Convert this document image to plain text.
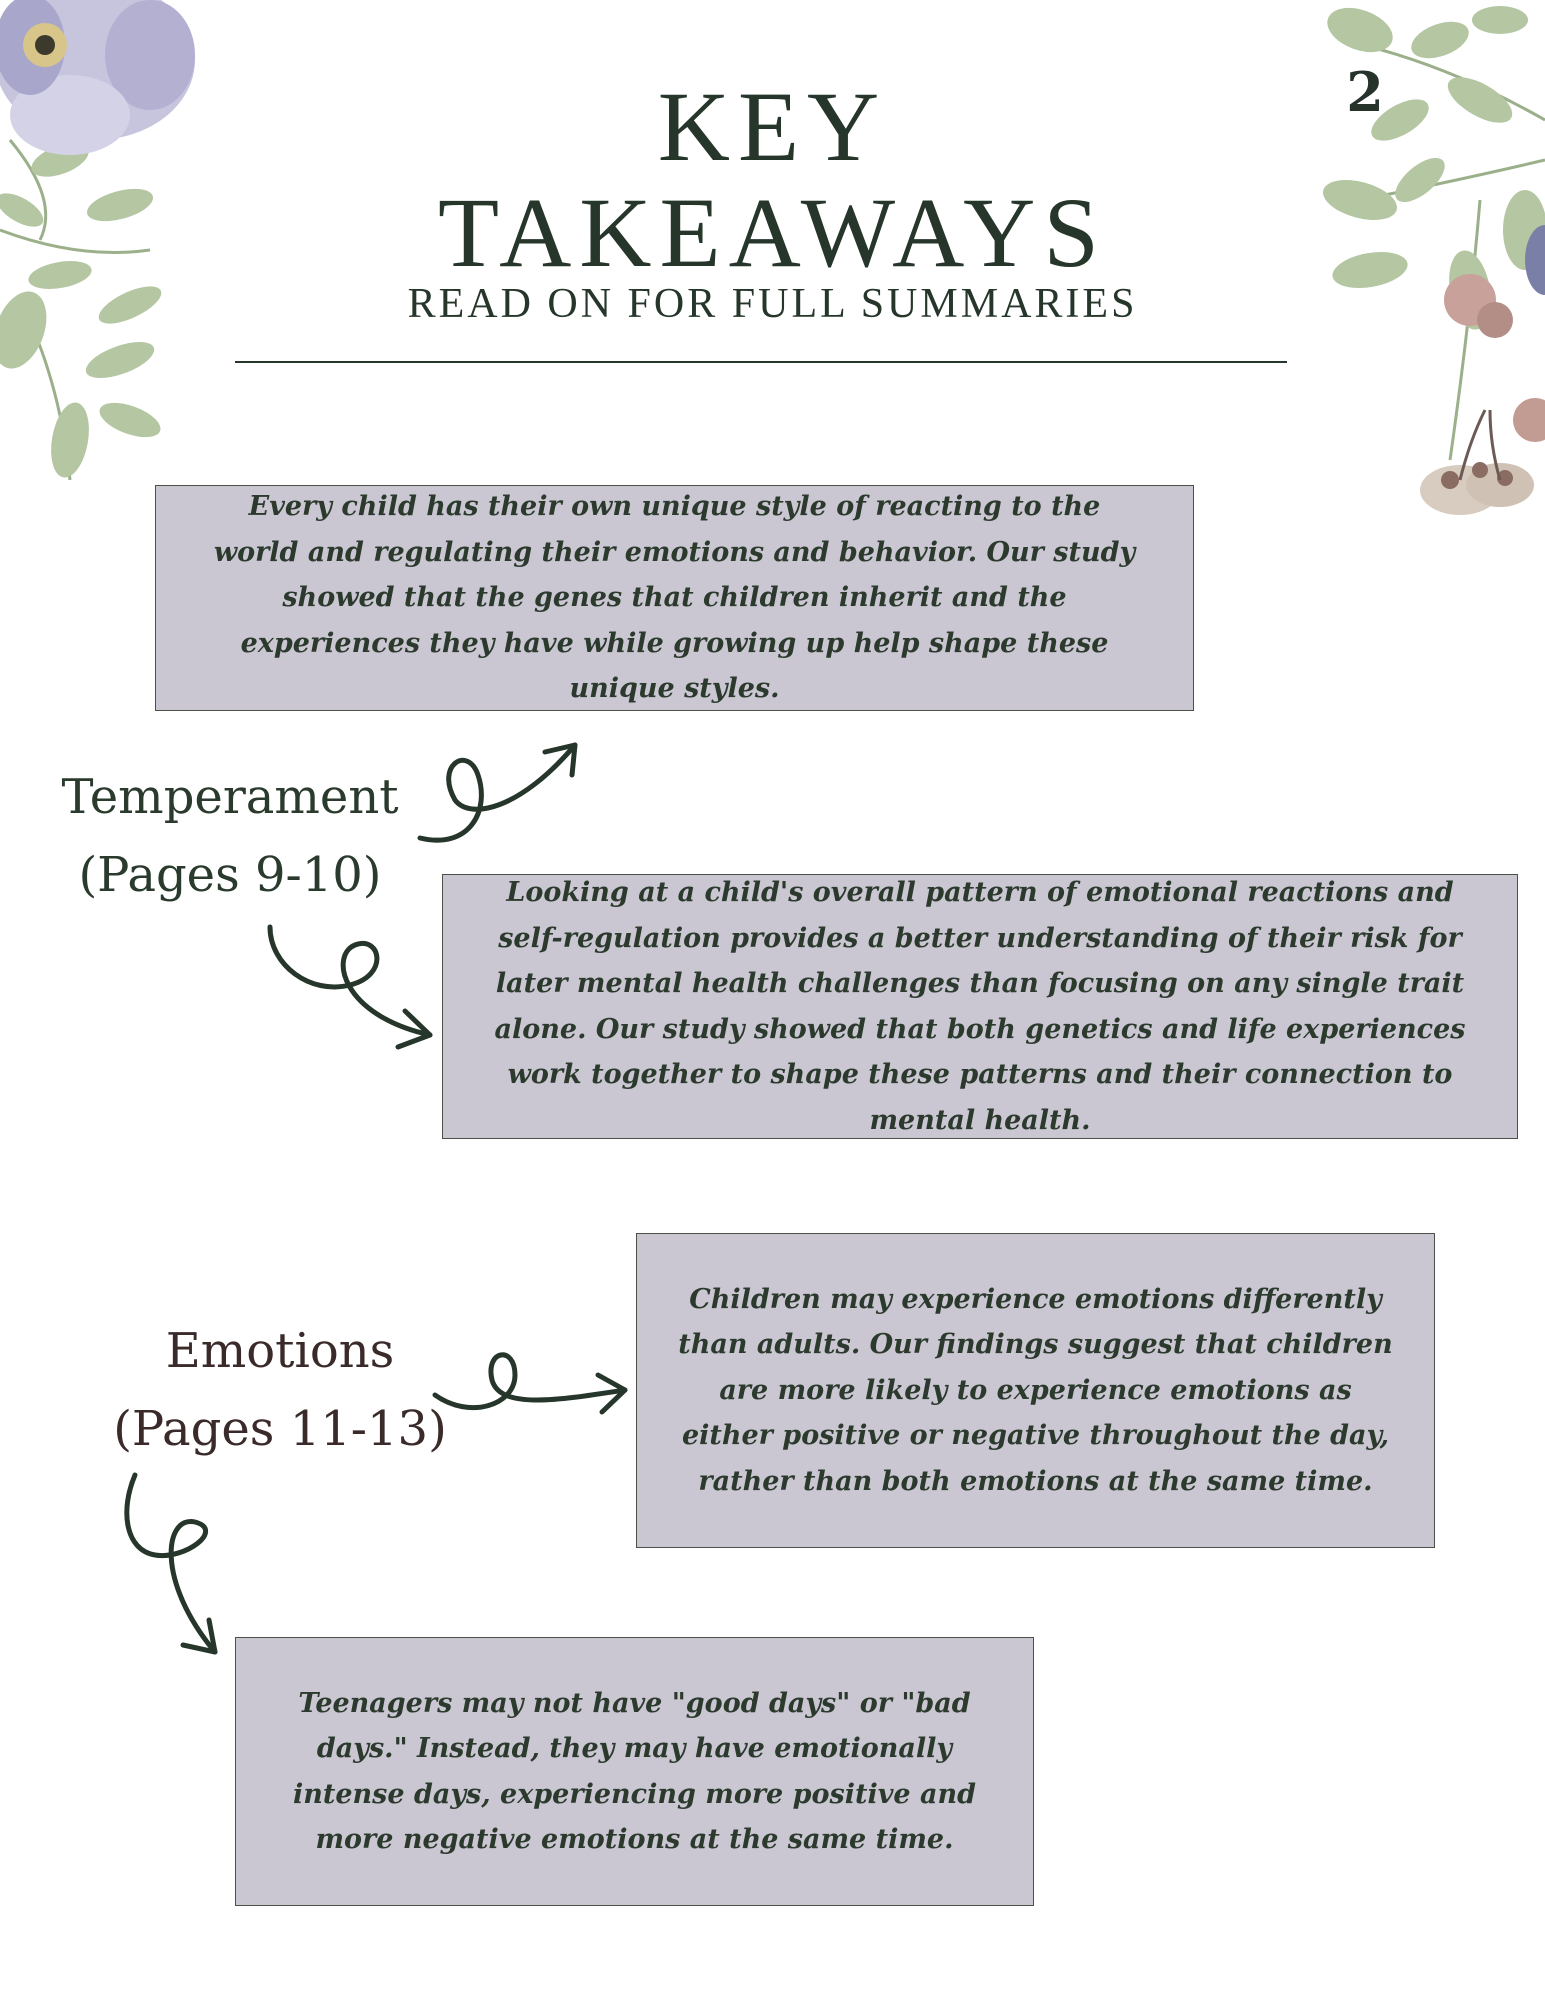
2
KEY
TAKEAWAYS
READ ON FOR FULL SUMMARIES
Every child has their own unique style of reacting to the world and regulating their emotions and behavior. Our study showed that the genes that children inherit and the experiences they have while growing up help shape these unique styles.
Temperament
(Pages 9-10)	Looking at a child's overall pattern of emotional reactions and self-regulation provides a better understanding of their risk for later mental health challenges than focusing on any single trait alone. Our study showed that both genetics and life experiences work together to shape these patterns and their connection to mental health.
Children may experience emotions differently than adults. Our findings suggest that children are more likely to experience emotions as either positive or negative throughout the day, rather than both emotions at the same time.
Emotions
(Pages 11-13)
Teenagers may not have "good days" or "bad days." Instead, they may have emotionally intense days, experiencing more positive and more negative emotions at the same time.
